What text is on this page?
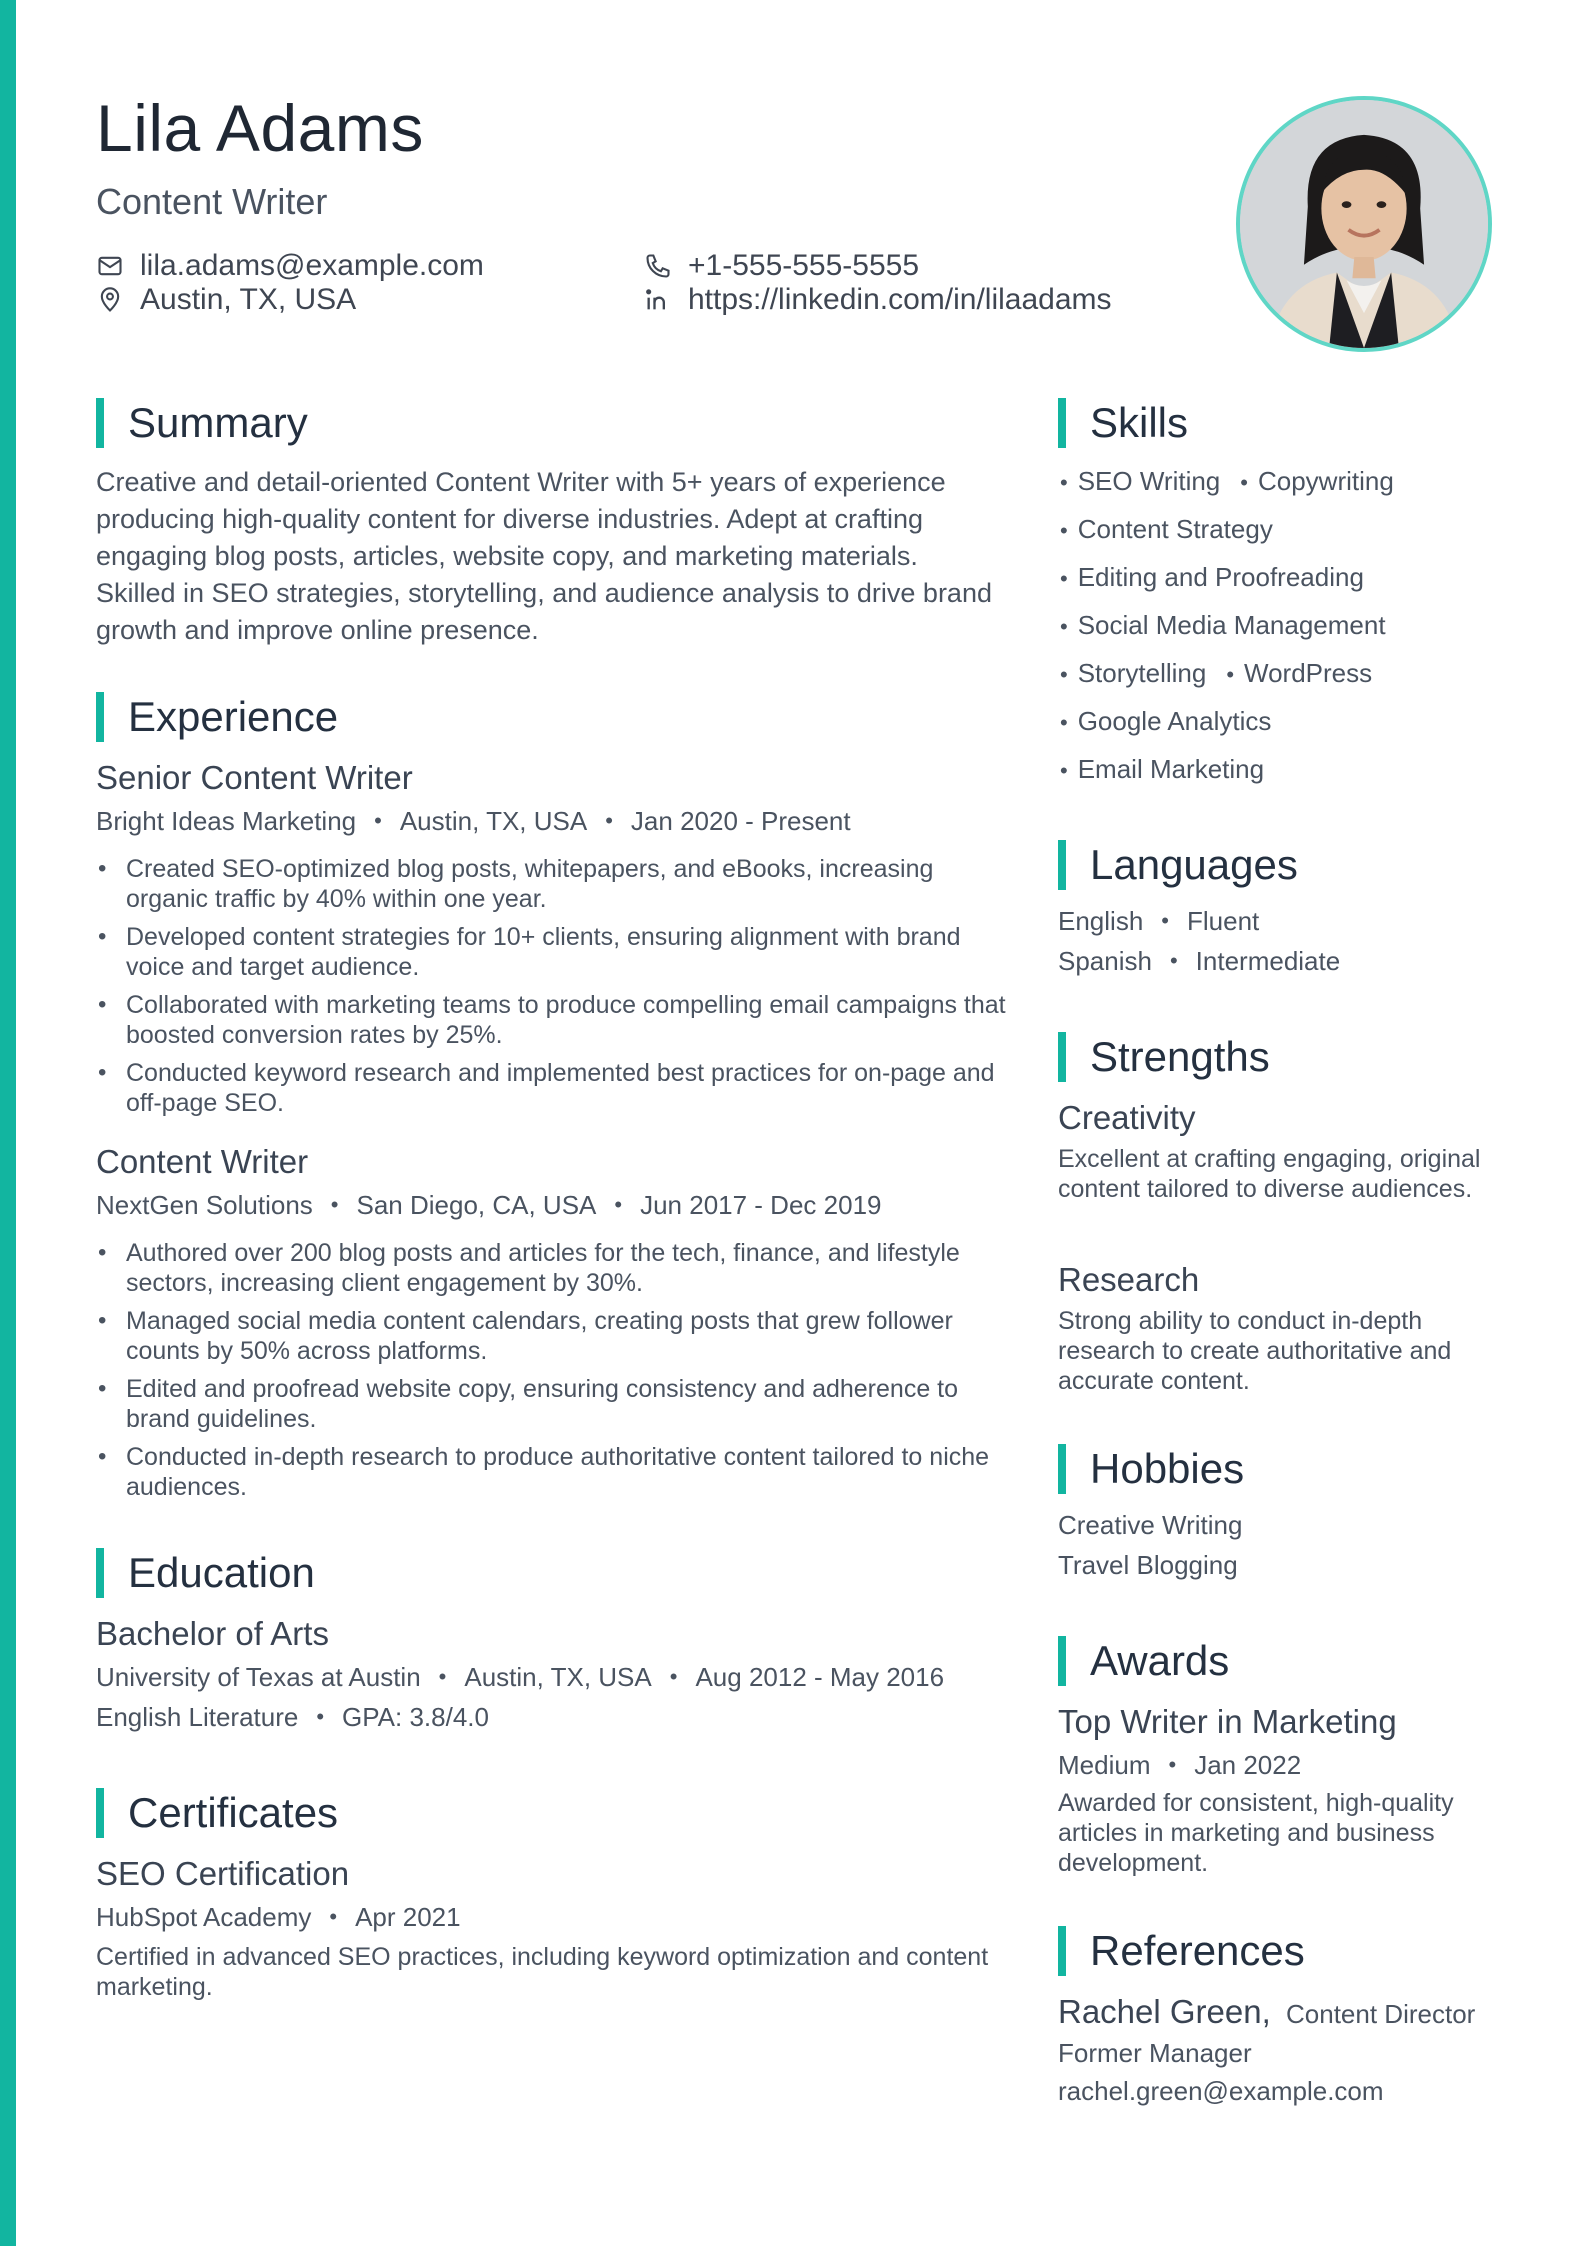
Lila Adams
Content Writer
lila.adams@example.com
Austin, TX, USA
+1-555-555-5555
https://linkedin.com/in/lilaadams
Summary
Creative and detail-oriented Content Writer with 5+ years of experience producing high-quality content for diverse industries. Adept at crafting engaging blog posts, articles, website copy, and marketing materials. Skilled in SEO strategies, storytelling, and audience analysis to drive brand growth and improve online presence.
Experience
Senior Content Writer
Bright Ideas Marketing • Austin, TX, USA • Jan 2020 - Present
• Created SEO-optimized blog posts, whitepapers, and eBooks, increasing organic traffic by 40% within one year.
• Developed content strategies for 10+ clients, ensuring alignment with brand voice and target audience.
• Collaborated with marketing teams to produce compelling email campaigns that boosted conversion rates by 25%.
• Conducted keyword research and implemented best practices for on-page and off-page SEO.
Content Writer
NextGen Solutions • San Diego, CA, USA • Jun 2017 - Dec 2019
• Authored over 200 blog posts and articles for the tech, finance, and lifestyle sectors, increasing client engagement by 30%.
• Managed social media content calendars, creating posts that grew follower counts by 50% across platforms.
• Edited and proofread website copy, ensuring consistency and adherence to brand guidelines.
• Conducted in-depth research to produce authoritative content tailored to niche audiences.
Education
Bachelor of Arts
University of Texas at Austin • Austin, TX, USA • Aug 2012 - May 2016
English Literature • GPA: 3.8/4.0
Certificates
SEO Certification
HubSpot Academy • Apr 2021
Certified in advanced SEO practices, including keyword optimization and content marketing.
Skills
• SEO Writing • Copywriting
• Content Strategy
• Editing and Proofreading
• Social Media Management
• Storytelling • WordPress
• Google Analytics
• Email Marketing
Languages
English • Fluent
Spanish • Intermediate
Strengths
Creativity
Excellent at crafting engaging, original content tailored to diverse audiences.
Research
Strong ability to conduct in-depth research to create authoritative and accurate content.
Hobbies
Creative Writing
Travel Blogging
Awards
Top Writer in Marketing
Medium • Jan 2022
Awarded for consistent, high-quality articles in marketing and business development.
References
Rachel Green, Content Director
Former Manager
rachel.green@example.com
